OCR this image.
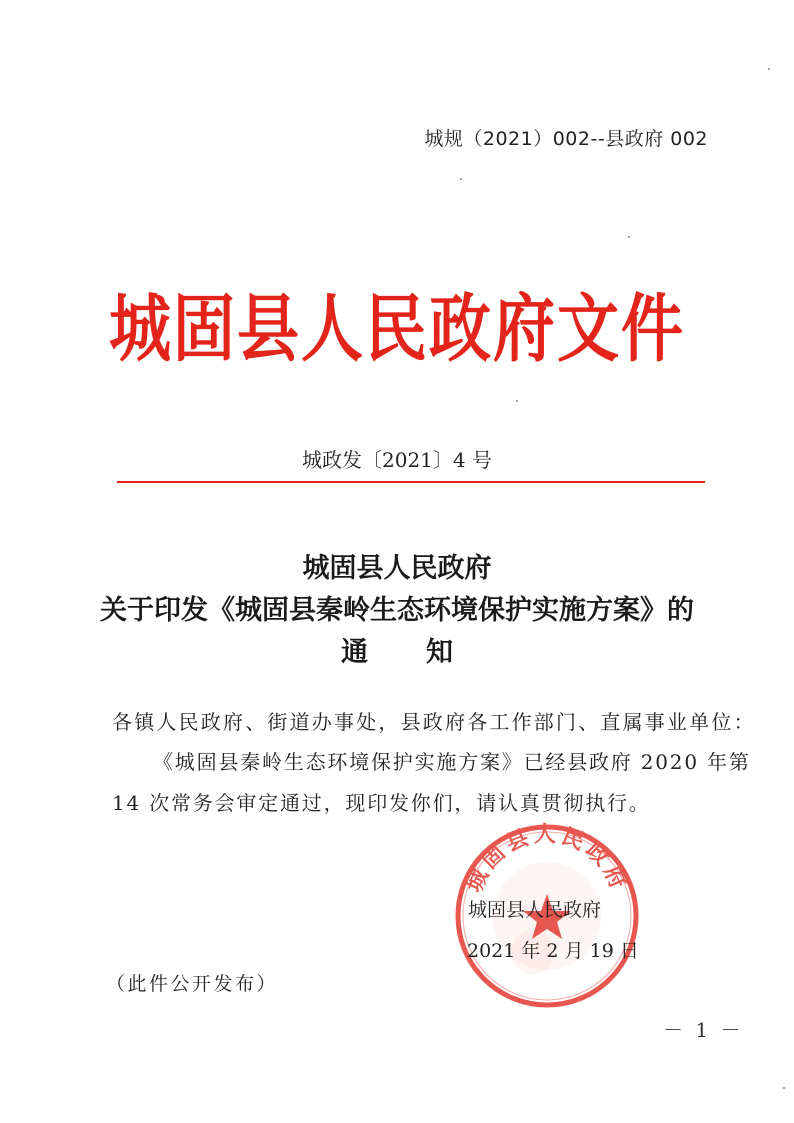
城规（2021）002--县政府 002
城固县人民政府文件
城政发〔2021〕4 号
城固县人民政府
关于印发《城固县秦岭生态环境保护实施方案》的
通知
各镇人民政府、街道办事处，县政府各工作部门、直属事业单位：
《城固县秦岭生态环境保护实施方案》已经县政府 2020 年第
14 次常务会审定通过，现印发你们，请认真贯彻执行。
城固县人民政府
城固县人民政府
2021 年 2 月 19 日
（此件公开发布）
－ 1 －
